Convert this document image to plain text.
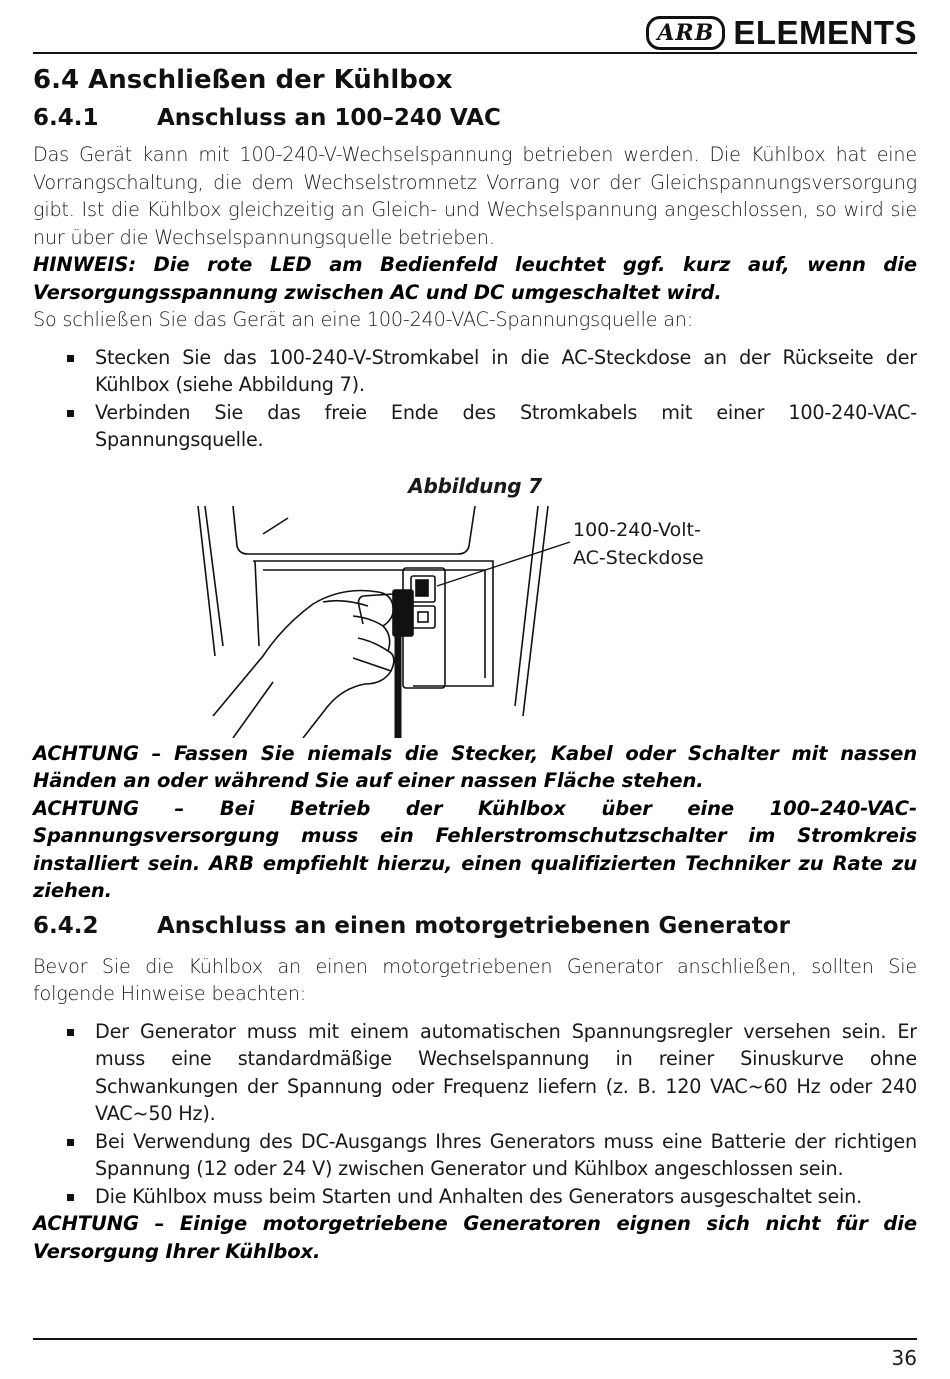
ARB ELEMENTS
6.4 Anschließen der Kühlbox
6.4.1	Anschluss an 100–240 VAC

Das Gerät kann mit 100-240-V-Wechselspannung betrieben werden. Die Kühlbox hat eine Vorrangschaltung, die dem Wechselstromnetz Vorrang vor der Gleichspannungsversorgung gibt. Ist die Kühlbox gleichzeitig an Gleich- und Wechselspannung angeschlossen, so wird sie nur über die Wechselspannungsquelle betrieben.

HINWEIS: Die rote LED am Bedienfeld leuchtet ggf. kurz auf, wenn die Versorgungsspannung zwischen AC und DC umgeschaltet wird.

So schließen Sie das Gerät an eine 100-240-VAC-Spannungsquelle an:

Stecken Sie das 100-240-V-Stromkabel in die AC-Steckdose an der Rückseite der Kühlbox (siehe Abbildung 7).
Verbinden Sie das freie Ende des Stromkabels mit einer 100-240-VAC-Spannungsquelle.

Abbildung 7

100-240-Volt-
AC-Steckdose

ACHTUNG – Fassen Sie niemals die Stecker, Kabel oder Schalter mit nassen Händen an oder während Sie auf einer nassen Fläche stehen.

ACHTUNG – Bei Betrieb der Kühlbox über eine 100–240-VAC-Spannungsversorgung muss ein Fehlerstromschutzschalter im Stromkreis installiert sein. ARB empfiehlt hierzu, einen qualifizierten Techniker zu Rate zu ziehen.

6.4.2	Anschluss an einen motorgetriebenen Generator

Bevor Sie die Kühlbox an einen motorgetriebenen Generator anschließen, sollten Sie folgende Hinweise beachten:

Der Generator muss mit einem automatischen Spannungsregler versehen sein. Er muss eine standardmäßige Wechselspannung in reiner Sinuskurve ohne Schwankungen der Spannung oder Frequenz liefern (z. B. 120 VAC~60 Hz oder 240 VAC~50 Hz).
Bei Verwendung des DC-Ausgangs Ihres Generators muss eine Batterie der richtigen Spannung (12 oder 24 V) zwischen Generator und Kühlbox angeschlossen sein.
Die Kühlbox muss beim Starten und Anhalten des Generators ausgeschaltet sein.

ACHTUNG – Einige motorgetriebene Generatoren eignen sich nicht für die Versorgung Ihrer Kühlbox.

36
